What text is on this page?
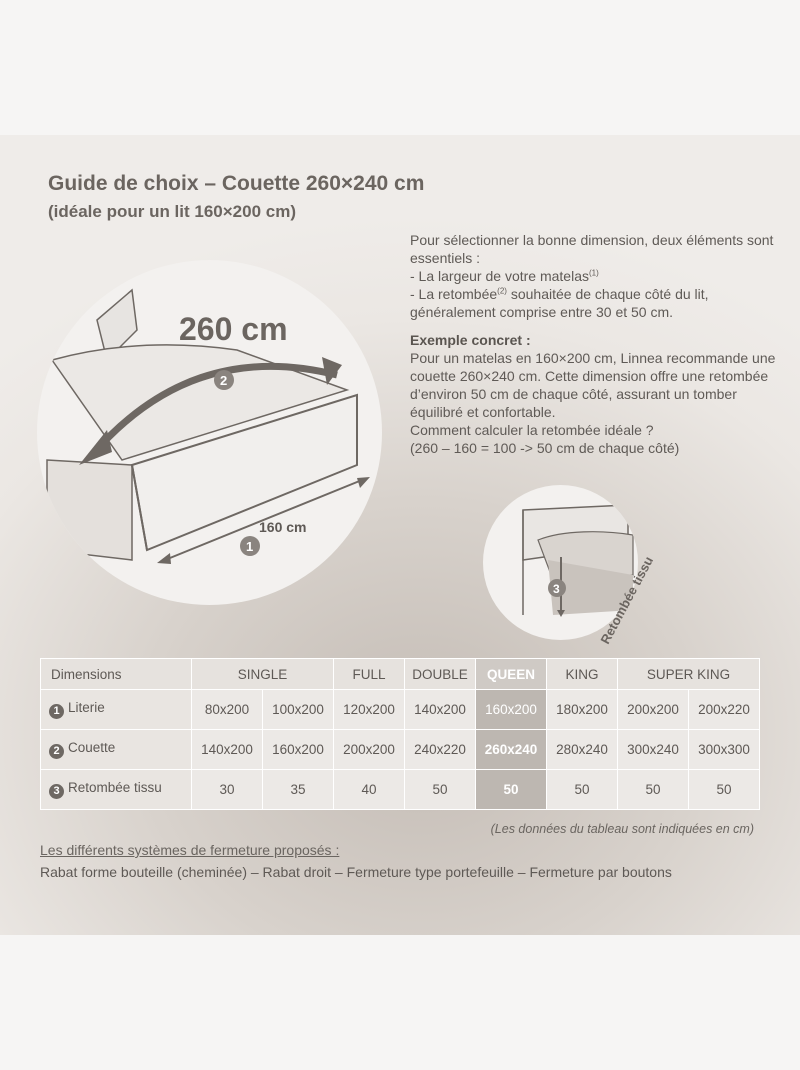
Guide de choix – Couette 260×240 cm
(idéale pour un lit 160×200 cm)

Pour sélectionner la bonne dimension, deux éléments sont essentiels :

- La largeur de votre matelas$^{(1)}$

- La retombée$^{(2)}$ souhaitée de chaque côté du lit, généralement comprise entre 30 et 50 cm.

Exemple concret :

Pour un matelas en 160×200 cm, Linnea recommande une couette 260×240 cm. Cette dimension offre une retombée d’environ 50 cm de chaque côté, assurant un tomber équilibré et confortable.

Comment calculer la retombée idéale ?

(260 – 160 = 100 -> 50 cm de chaque côté)

260 cm
160 cm
2
1
3	Retombée tissu
Dimensions	SINGLE		FULL	DOUBLE	QUEEN	KING	SUPER KING	
1 Literie	80x200	100x200	120x200	140x200	160x200	180x200	200x200	200x220
2 Couette	140x200	160x200	200x200	240x220	260x240	280x240	300x240	300x300
3 Retombée tissu	30	35	40	50	50	50	50	50
(Les données du tableau sont indiquées en cm)
Les différents systèmes de fermeture proposés :
Rabat forme bouteille (cheminée) – Rabat droit – Fermeture type portefeuille – Fermeture par boutons
